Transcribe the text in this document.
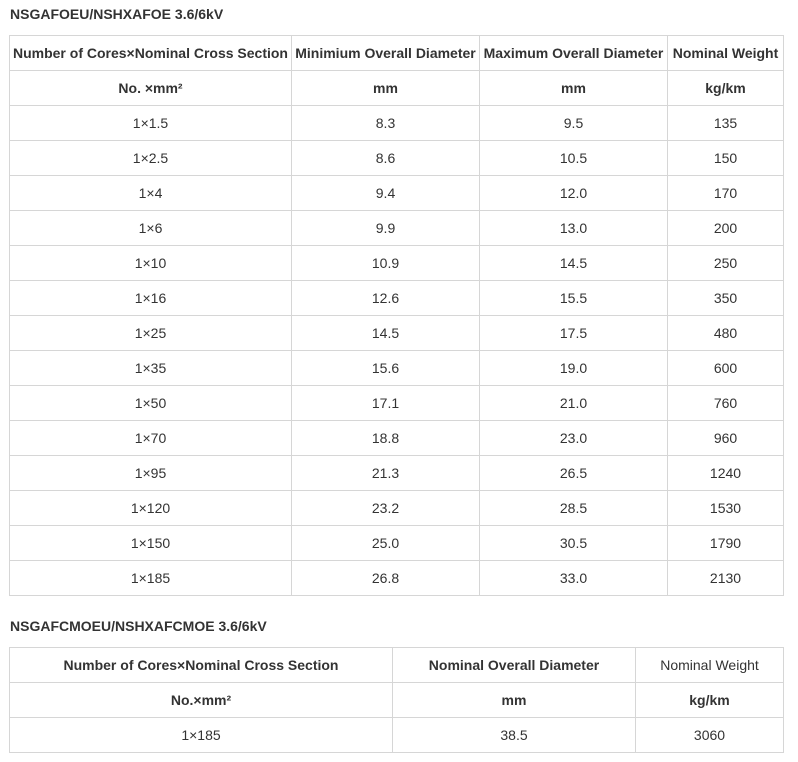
NSGAFOEU/NSHXAFOE 3.6/6kV
Number of Cores×Nominal Cross Section	Minimium Overall Diameter	Maximum Overall Diameter	Nominal Weight
No. ×mm²	mm	mm	kg/km
1×1.5	8.3	9.5	135
1×2.5	8.6	10.5	150
1×4	9.4	12.0	170
1×6	9.9	13.0	200
1×10	10.9	14.5	250
1×16	12.6	15.5	350
1×25	14.5	17.5	480
1×35	15.6	19.0	600
1×50	17.1	21.0	760
1×70	18.8	23.0	960
1×95	21.3	26.5	1240
1×120	23.2	28.5	1530
1×150	25.0	30.5	1790
1×185	26.8	33.0	2130
NSGAFCMOEU/NSHXAFCMOE 3.6/6kV
Number of Cores×Nominal Cross Section	Nominal Overall Diameter	Nominal Weight
No.×mm²	mm	kg/km
1×185	38.5	3060
